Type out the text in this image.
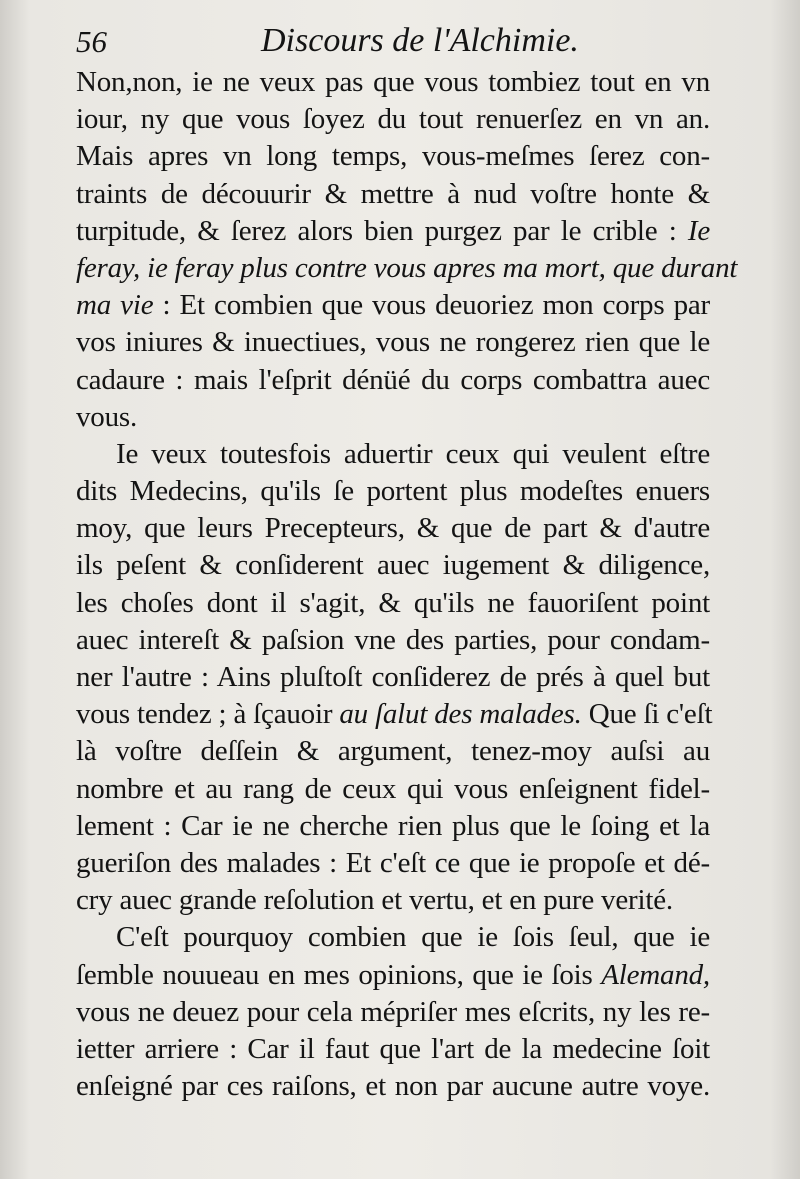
56	Discours de l'Alchimie.
Non,non, ie ne veux pas que vous tombiez tout en vn
iour, ny que vous ſoyez du tout renuerſez en vn an.
Mais apres vn long temps, vous-meſmes ſerez con-
traints de découurir & mettre à nud voſtre honte &
turpitude, & ſerez alors bien purgez par le crible : Ie
feray, ie feray plus contre vous apres ma mort, que durant
ma vie : Et combien que vous deuoriez mon corps par
vos iniures & inuectiues, vous ne rongerez rien que le
cadaure : mais l'eſprit dénüé du corps combattra auec
vous.
Ie veux toutesfois aduertir ceux qui veulent eſtre
dits Medecins, qu'ils ſe portent plus modeſtes enuers
moy, que leurs Precepteurs, & que de part & d'autre
ils peſent & conſiderent auec iugement & diligence,
les choſes dont il s'agit, & qu'ils ne fauoriſent point
auec intereſt & paſsion vne des parties, pour condam-
ner l'autre : Ains pluſtoſt conſiderez de prés à quel but
vous tendez ; à ſçauoir au ſalut des malades. Que ſi c'eſt
là voſtre deſſein & argument, tenez-moy auſsi au
nombre et au rang de ceux qui vous enſeignent fidel-
lement : Car ie ne cherche rien plus que le ſoing et la
gueriſon des malades : Et c'eſt ce que ie propoſe et dé-
cry auec grande reſolution et vertu, et en pure verité.
C'eſt pourquoy combien que ie ſois ſeul, que ie
ſemble nouueau en mes opinions, que ie ſois Alemand,
vous ne deuez pour cela mépriſer mes eſcrits, ny les re-
ietter arriere : Car il faut que l'art de la medecine ſoit
enſeigné par ces raiſons, et non par aucune autre voye.
